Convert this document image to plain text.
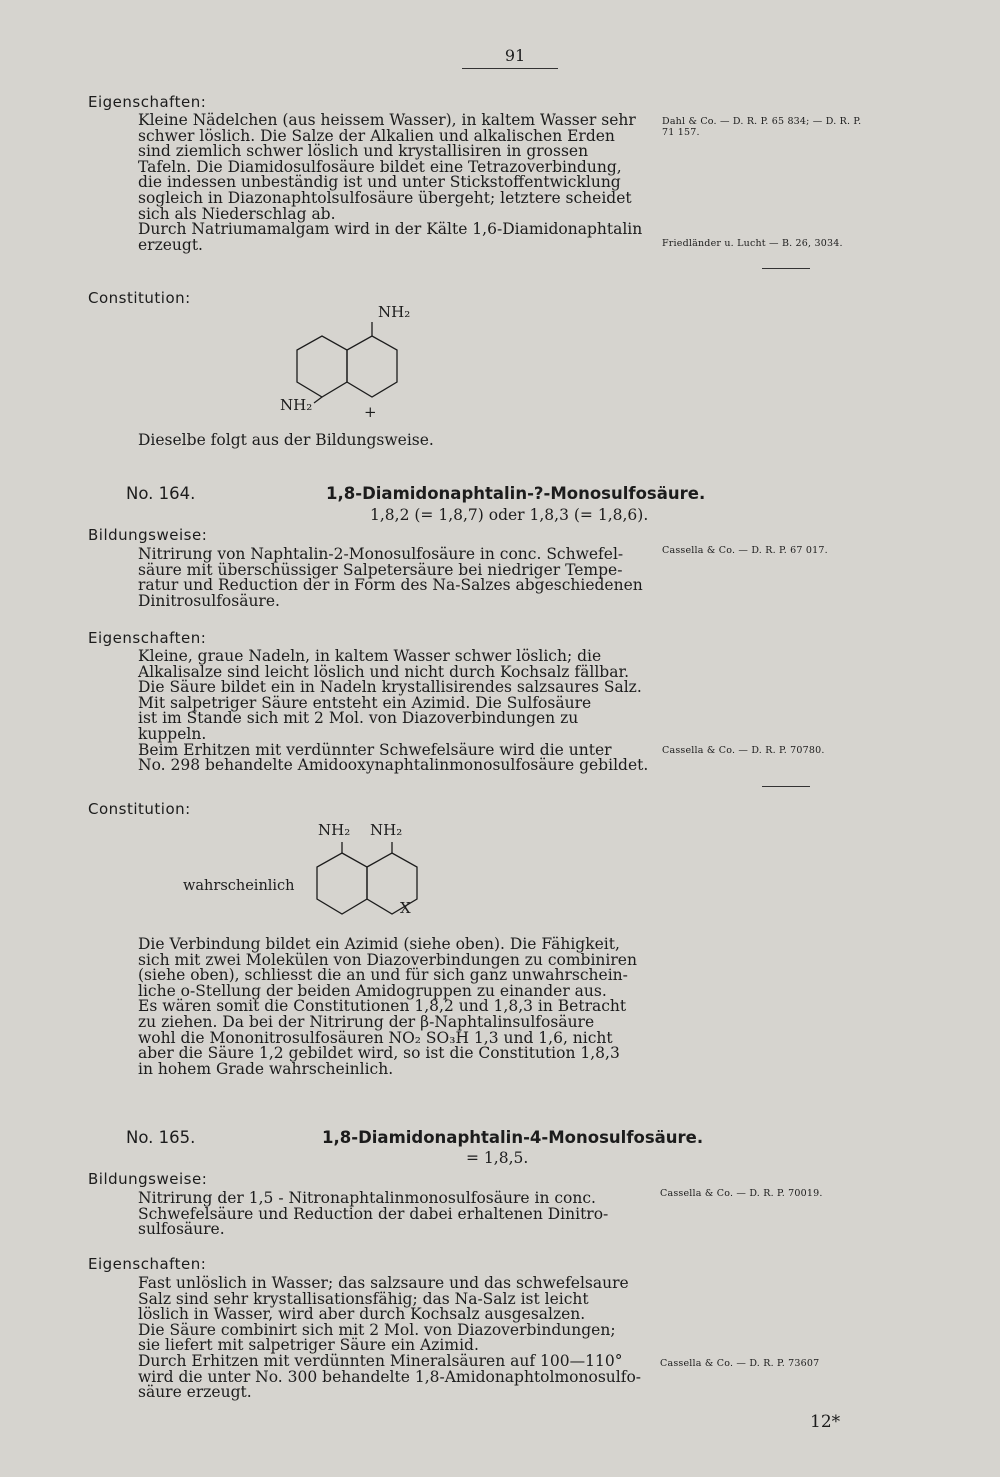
91
Eigenschaften:
Kleine Nädelchen (aus heissem Wasser), in kaltem Wasser sehr
schwer löslich. Die Salze der Alkalien und alkalischen Erden
sind ziemlich schwer löslich und krystallisiren in grossen
Tafeln. Die Diamidosulfosäure bildet eine Tetrazoverbindung,
die indessen unbeständig ist und unter Stickstoffentwicklung
sogleich in Diazonaphtolsulfosäure übergeht; letztere scheidet
sich als Niederschlag ab.
Durch Natriumamalgam wird in der Kälte 1,6-Diamidonaphtalin
erzeugt.
Dahl & Co. — D. R. P. 65 834; — D. R. P.
71 157.
Friedländer u. Lucht — B. 26, 3034.
Constitution:
NH₂
NH₂	+
Dieselbe folgt aus der Bildungsweise.
No. 164.	1,8-Diamidonaphtalin-?-Monosulfosäure.
1,8,2 (= 1,8,7) oder 1,8,3 (= 1,8,6).
Bildungsweise:
Nitrirung von Naphtalin-2-Monosulfosäure in conc. Schwefel-
säure mit überschüssiger Salpetersäure bei niedriger Tempe-
ratur und Reduction der in Form des Na-Salzes abgeschiedenen
Dinitrosulfosäure.
Cassella & Co. — D. R. P. 67 017.
Eigenschaften:
Kleine, graue Nadeln, in kaltem Wasser schwer löslich; die
Alkalisalze sind leicht löslich und nicht durch Kochsalz fällbar.
Die Säure bildet ein in Nadeln krystallisirendes salzsaures Salz.
Mit salpetriger Säure entsteht ein Azimid. Die Sulfosäure
ist im Stande sich mit 2 Mol. von Diazoverbindungen zu
kuppeln.
Beim Erhitzen mit verdünnter Schwefelsäure wird die unter
No. 298 behandelte Amidooxynaphtalinmonosulfosäure gebildet.
Cassella & Co. — D. R. P. 70780.
Constitution:
NH₂ NH₂
X
wahrscheinlich
Die Verbindung bildet ein Azimid (siehe oben). Die Fähigkeit,
sich mit zwei Molekülen von Diazoverbindungen zu combiniren
(siehe oben), schliesst die an und für sich ganz unwahrschein-
liche o-Stellung der beiden Amidogruppen zu einander aus.
Es wären somit die Constitutionen 1,8,2 und 1,8,3 in Betracht
zu ziehen. Da bei der Nitrirung der β-Naphtalinsulfosäure
wohl die Mononitrosulfosäuren NO₂ SO₃H 1,3 und 1,6, nicht
aber die Säure 1,2 gebildet wird, so ist die Constitution 1,8,3
in hohem Grade wahrscheinlich.
No. 165.	1,8-Diamidonaphtalin-4-Monosulfosäure.
= 1,8,5.
Bildungsweise:
Nitrirung der 1,5 - Nitronaphtalinmonosulfosäure in conc.
Schwefelsäure und Reduction der dabei erhaltenen Dinitro-
sulfosäure.
Cassella & Co. — D. R. P. 70019.
Eigenschaften:
Fast unlöslich in Wasser; das salzsaure und das schwefelsaure
Salz sind sehr krystallisationsfähig; das Na-Salz ist leicht
löslich in Wasser, wird aber durch Kochsalz ausgesalzen.
Die Säure combinirt sich mit 2 Mol. von Diazoverbindungen;
sie liefert mit salpetriger Säure ein Azimid.
Durch Erhitzen mit verdünnten Mineralsäuren auf 100—110°
wird die unter No. 300 behandelte 1,8-Amidonaphtolmonosulfo-
säure erzeugt.
Cassella & Co. — D. R. P. 73607
12*
